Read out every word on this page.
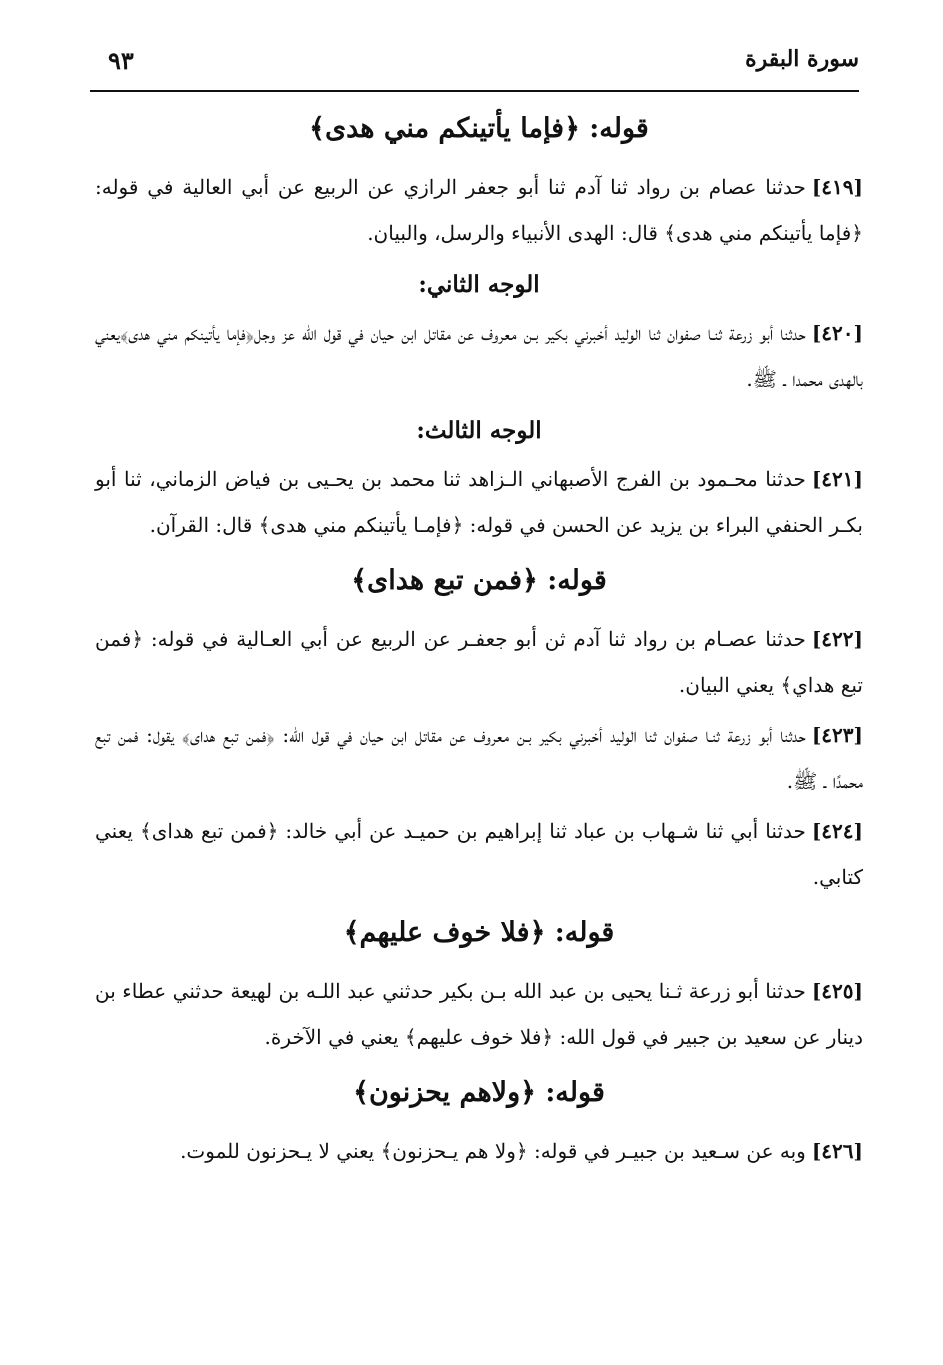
سورة البقرة
٩٣
قوله: ﴿فإما يأتينكم مني هدى﴾

[٤١٩]حدثنا عصام بن رواد ثنا آدم ثنا أبو جعفر الرازي عن الربيع عن أبي العالية في قوله: ﴿فإما يأتينكم مني هدى﴾ قال: الهدى الأنبياء والرسل، والبيان.

الوجه الثاني:

[٤٢٠]حدثنا أبو زرعة ثنـا صفوان ثنا الوليد أخبرني بكير بـن معروف عن مقاتل ابن حيان في قول الله عز وجل﴿فإما يأتينكم مني هدى﴾يعني بالهدى محمدا ـ ﷺ.

الوجه الثالث:

[٤٢١]حدثنا محـمود بن الفرج الأصبهاني الـزاهد ثنا محمد بن يحـيى بن فياض الزماني، ثنا أبو بكـر الحنفي البراء بن يزيد عن الحسن في قوله: ﴿فإمـا يأتينكم مني هدى﴾ قال: القرآن.

قوله: ﴿فمن تبع هداى﴾

[٤٢٢]حدثنا عصـام بن رواد ثنا آدم ثن أبو جعفـر عن الربيع عن أبي العـالية في قوله: ﴿فمن تبع هداي﴾ يعني البيان.

[٤٢٣]حدثنا أبو زرعة ثنـا صفوان ثنا الوليد أخبرني بكير بـن معروف عن مقاتل ابن حيان في قول الله: ﴿فمن تبع هداى﴾ يقول: فمن تبع محمدًا ـ ﷺ.

[٤٢٤]حدثنا أبي ثنا شـهاب بن عباد ثنا إبراهيم بن حميـد عن أبي خالد: ﴿فمن تبع هداى﴾ يعني كتابي.

قوله: ﴿فلا خوف عليهم﴾

[٤٢٥]حدثنا أبو زرعة ثـنا يحيى بن عبد الله بـن بكير حدثني عبد اللـه بن لهيعة حدثني عطاء بن دينار عن سعيد بن جبير في قول الله: ﴿فلا خوف عليهم﴾ يعني في الآخرة.

قوله: ﴿ولاهم يحزنون﴾

[٤٢٦]وبه عن سـعيد بن جبيـر في قوله: ﴿ولا هم يـحزنون﴾ يعني لا يـحزنون للموت.
